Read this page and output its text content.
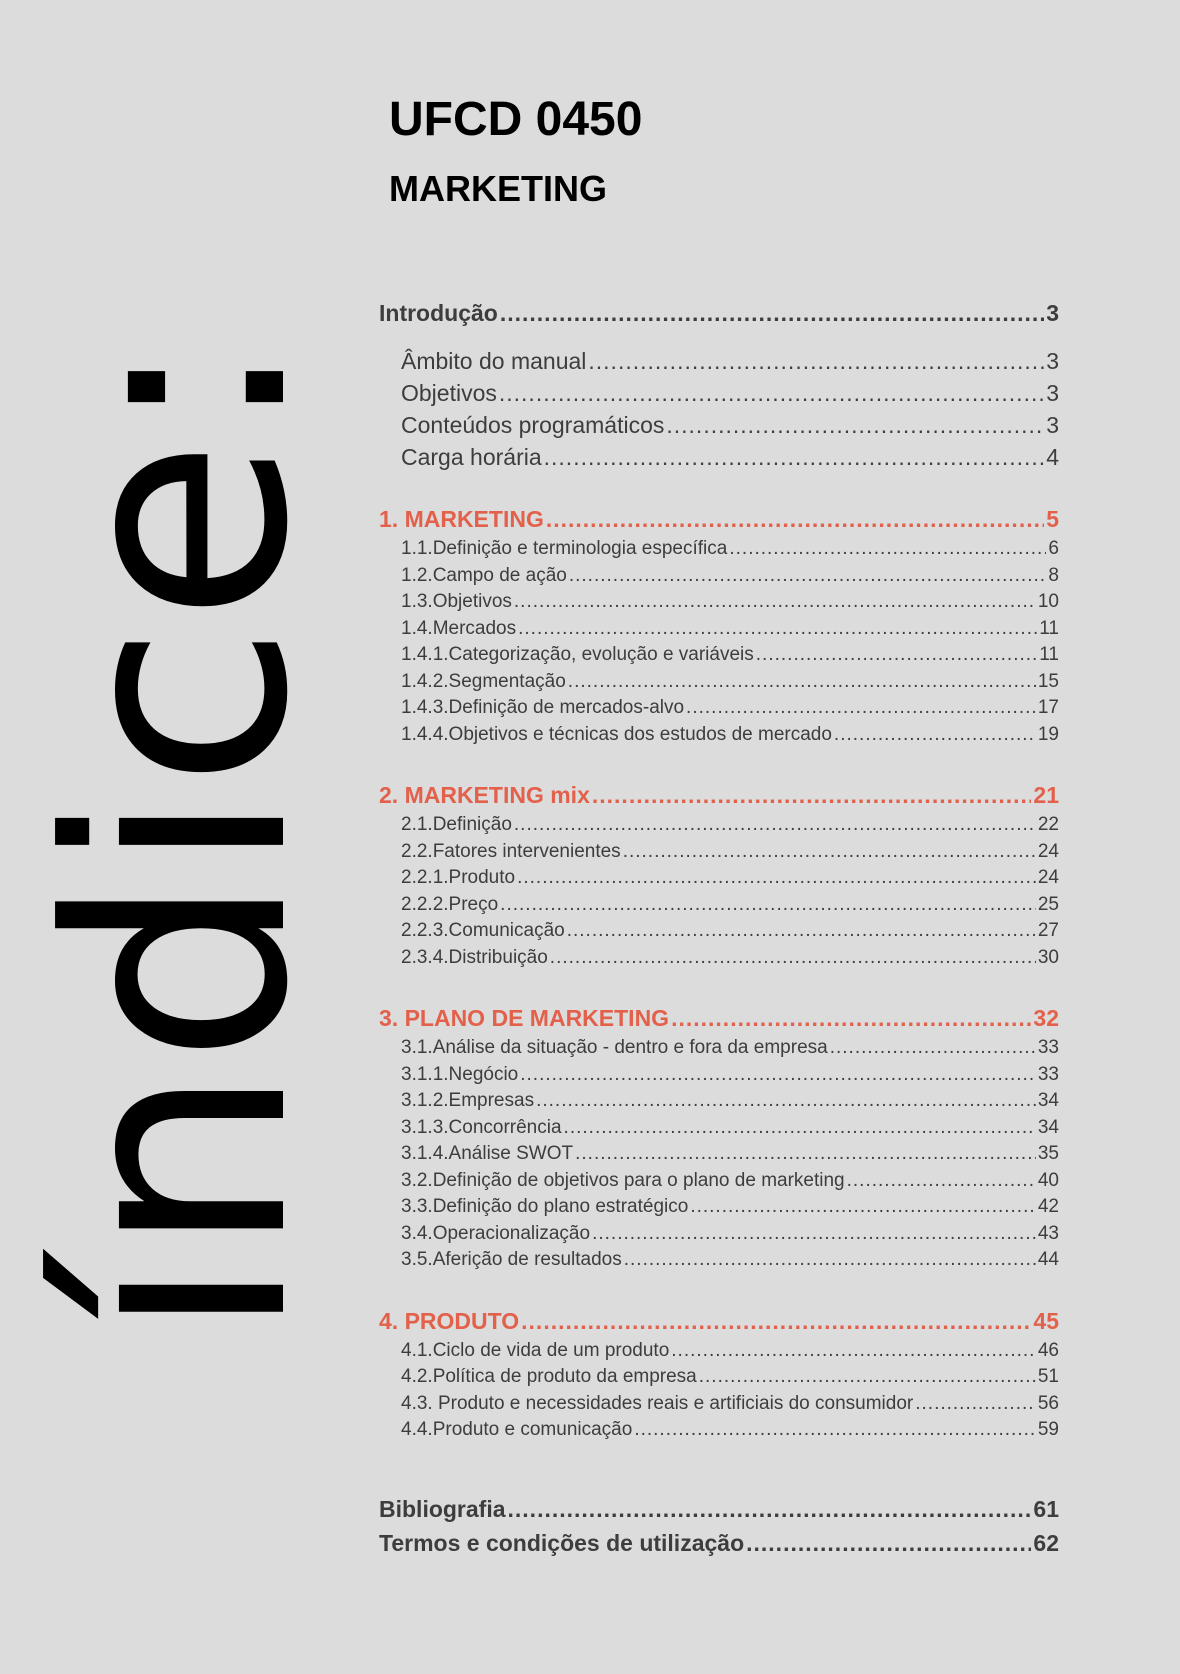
índice:
UFCD 0450
MARKETING
Introdução .....	3
Âmbito do manual .....	3
Objetivos .....	3
Conteúdos programáticos .....	3
Carga horária .....	4
1. MARKETING .....	5
1.1.Definição e terminologia específica .....	6
1.2.Campo de ação .....	8
1.3.Objetivos .....	10
1.4.Mercados .....	11
1.4.1.Categorização, evolução e variáveis .....	11
1.4.2.Segmentação .....	15
1.4.3.Definição de mercados-alvo .....	17
1.4.4.Objetivos e técnicas dos estudos de mercado .....	19
2. MARKETING mix .....	21
2.1.Definição .....	22
2.2.Fatores intervenientes .....	24
2.2.1.Produto .....	24
2.2.2.Preço .....	25
2.2.3.Comunicação .....	27
2.3.4.Distribuição .....	30
3. PLANO DE MARKETING .....	32
3.1.Análise da situação - dentro e fora da empresa .....	33
3.1.1.Negócio .....	33
3.1.2.Empresas .....	34
3.1.3.Concorrência .....	34
3.1.4.Análise SWOT .....	35
3.2.Definição de objetivos para o plano de marketing .....	40
3.3.Definição do plano estratégico .....	42
3.4.Operacionalização .....	43
3.5.Aferição de resultados .....	44
4. PRODUTO .....	45
4.1.Ciclo de vida de um produto .....	46
4.2.Política de produto da empresa .....	51
4.3. Produto e necessidades reais e artificiais do consumidor .....	56
4.4.Produto e comunicação .....	59
Bibliografia .....	61
Termos e condições de utilização .....	62
